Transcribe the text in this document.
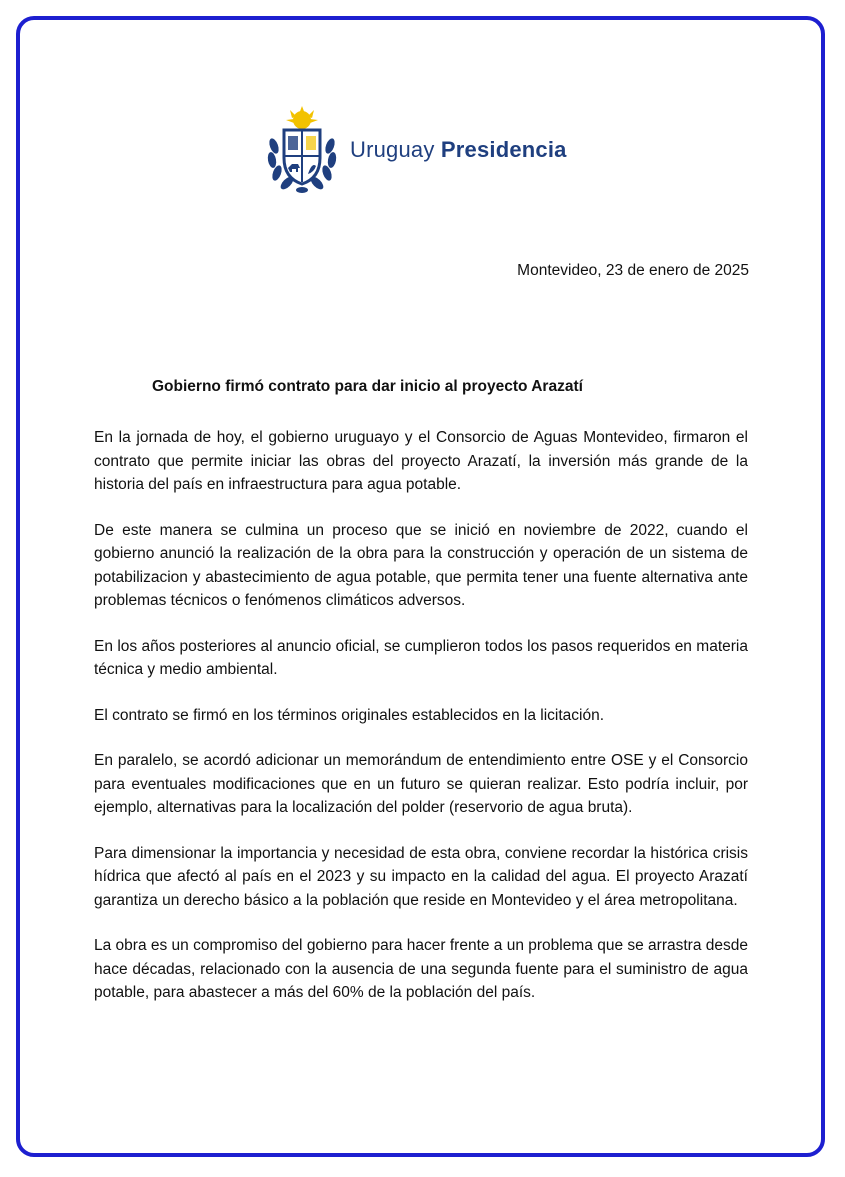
Uruguay Presidencia
Montevideo, 23 de enero de 2025
Gobierno firmó contrato para dar inicio al proyecto Arazatí

En la jornada de hoy, el gobierno uruguayo y el Consorcio de Aguas Montevideo, firmaron el contrato que permite iniciar las obras del proyecto Arazatí, la inversión más grande de la historia del país en infraestructura para agua potable.

De este manera se culmina un proceso que se inició en noviembre de 2022, cuando el gobierno anunció la realización de la obra para la construcción y operación de un sistema de potabilizacion y abastecimiento de agua potable, que permita tener una fuente alternativa ante problemas técnicos o fenómenos climáticos adversos.

En los años posteriores al anuncio oficial, se cumplieron todos los pasos requeridos en materia técnica y medio ambiental.

El contrato se firmó en los términos originales establecidos en la licitación.

En paralelo, se acordó adicionar un memorándum de entendimiento entre OSE y el Consorcio para eventuales modificaciones que en un futuro se quieran realizar. Esto podría incluir, por ejemplo, alternativas para la localización del polder (reservorio de agua bruta).

Para dimensionar la importancia y necesidad de esta obra, conviene recordar la histórica crisis hídrica que afectó al país en el 2023 y su impacto en la calidad del agua. El proyecto Arazatí garantiza un derecho básico a la población que reside en Montevideo y el área metropolitana.

La obra es un compromiso del gobierno para hacer frente a un problema que se arrastra desde hace décadas, relacionado con la ausencia de una segunda fuente para el suministro de agua potable, para abastecer a más del 60% de la población del país.
